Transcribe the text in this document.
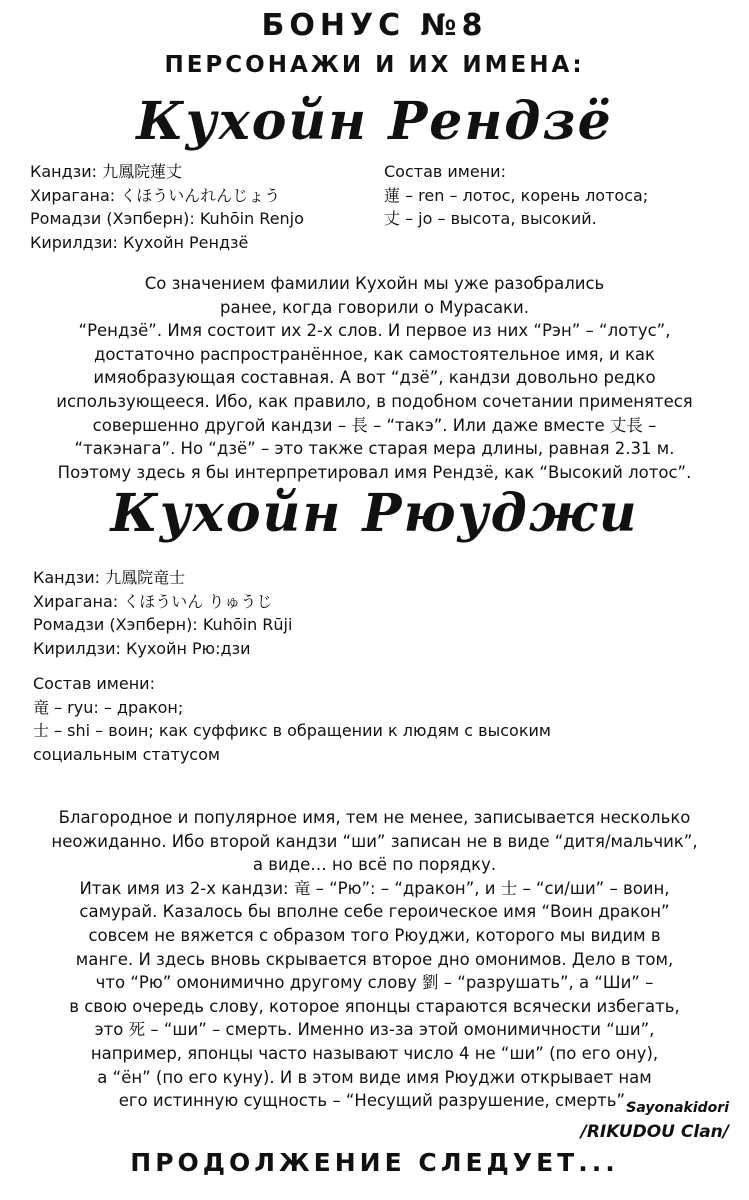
БОНУС №8
ПЕРСОНАЖИ И ИХ ИМЕНА:
Кухойн Рендзё
Кандзи: 九鳳院蓮丈
Хирагана: くほういんれんじょう
Ромадзи (Хэпберн): Kuhōin Renjo
Кирилдзи: Кухойн Рендзё
Состав имени:
蓮 – ren – лотос, корень лотоса;
丈 – jo – высота, высокий.
Со значением фамилии Кухойн мы уже разобрались
ранее, когда говорили о Мурасаки.
“Рендзё”. Имя состоит их 2-х слов. И первое из них “Рэн” – “лотус”,
достаточно распространённое, как самостоятельное имя, и как
имяобразующая составная. А вот “дзё”, кандзи довольно редко
использующееся. Ибо, как правило, в подобном сочетании применятеся
совершенно другой кандзи – 長 – “такэ”. Или даже вместе 丈長 –
“такэнагa”. Но “дзё” – это также старая мера длины, равная 2.31 м.
Поэтому здесь я бы интерпретировал имя Рендзё, как “Высокий лотос”.
Кухойн Рюуджи
Кандзи: 九鳳院竜士
Хирагана: くほういん りゅうじ
Ромадзи (Хэпберн): Kuhōin Rūji
Кирилдзи: Кухойн Рю:дзи
Состав имени:
竜 – ryu: – дракон;
士 – shi – воин; как суффикс в обращении к людям с высоким
социальным статусом
Благородное и популярное имя, тем не менее, записывается несколько
неожиданно. Ибо второй кандзи “ши” записан не в виде “дитя/мальчик”,
а виде… но всё по порядку.
Итак имя из 2-х кандзи: 竜 – “Рю”: – “дракон”, и 士 – “си/ши” – воин,
самурай. Казалось бы вполне себе героическое имя “Воин дракон”
совсем не вяжется с образом того Рюуджи, которого мы видим в
манге. И здесь вновь скрывается второе дно омонимов. Дело в том,
что “Рю” омонимично другому слову 劉 – “разрушать”, а “Ши” –
в свою очередь слову, которое японцы стараются всячески избегать,
это 死 – “ши” – смерть. Именно из-за этой омонимичности “ши”,
например, японцы часто называют число 4 не “ши” (по его ону),
а “ён” (по его куну). И в этом виде имя Рюуджи открывает нам
его истинную сущность – “Несущий разрушение, смерть”.
Sayonakidori
/RIKUDOU Clan/
ПРОДОЛЖЕНИЕ СЛЕДУЕТ...
